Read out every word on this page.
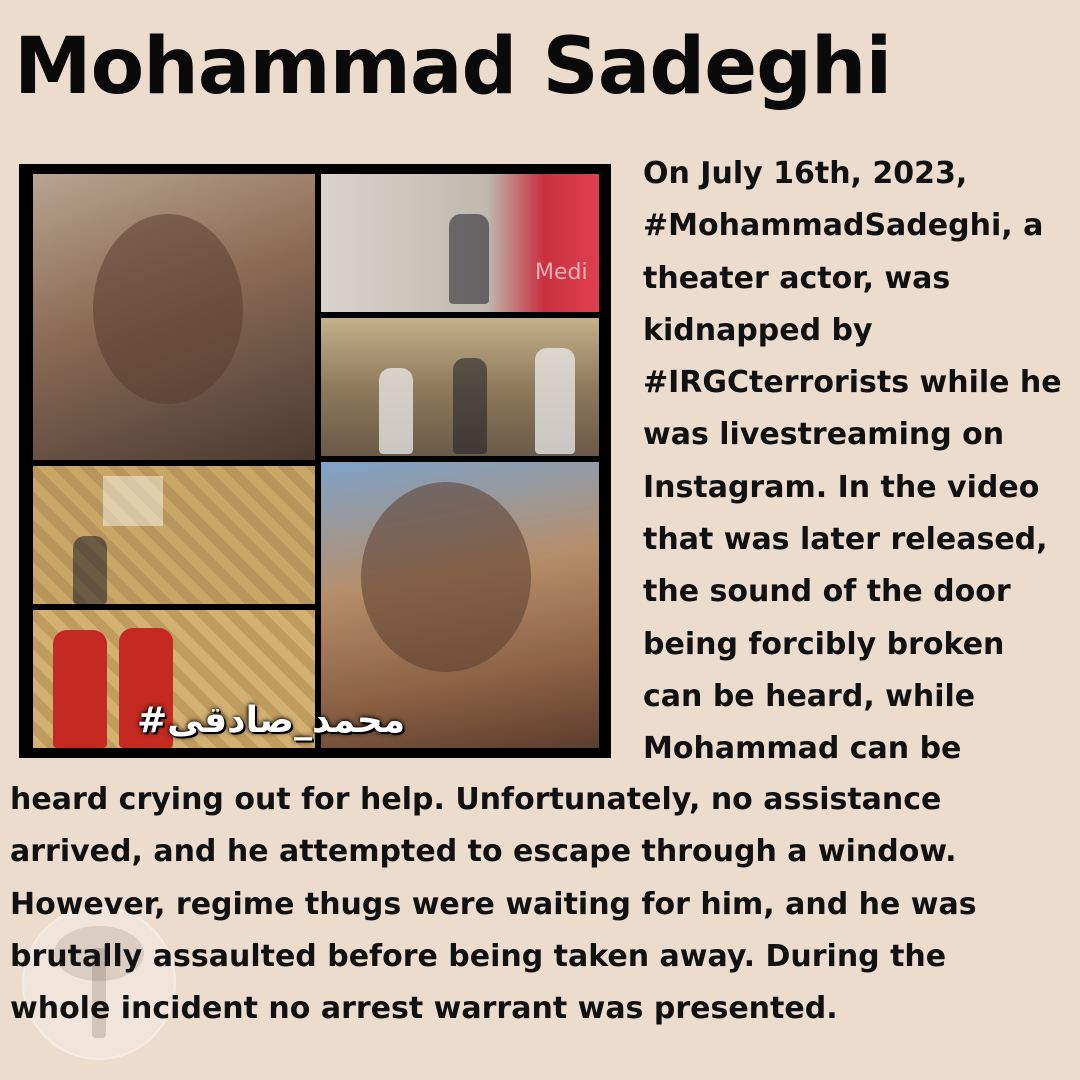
Mohammad Sadeghi
Medi
#محمد_صادقی
On July 16th, 2023,
#MohammadSadeghi, a
theater actor, was
kidnapped by
#IRGCterrorists while he
was livestreaming on
Instagram. In the video
that was later released,
the sound of the door
being forcibly broken
can be heard, while
Mohammad can be
heard crying out for help. Unfortunately, no assistance
arrived, and he attempted to escape through a window.
However, regime thugs were waiting for him, and he was
brutally assaulted before being taken away. During the
whole incident no arrest warrant was presented.
